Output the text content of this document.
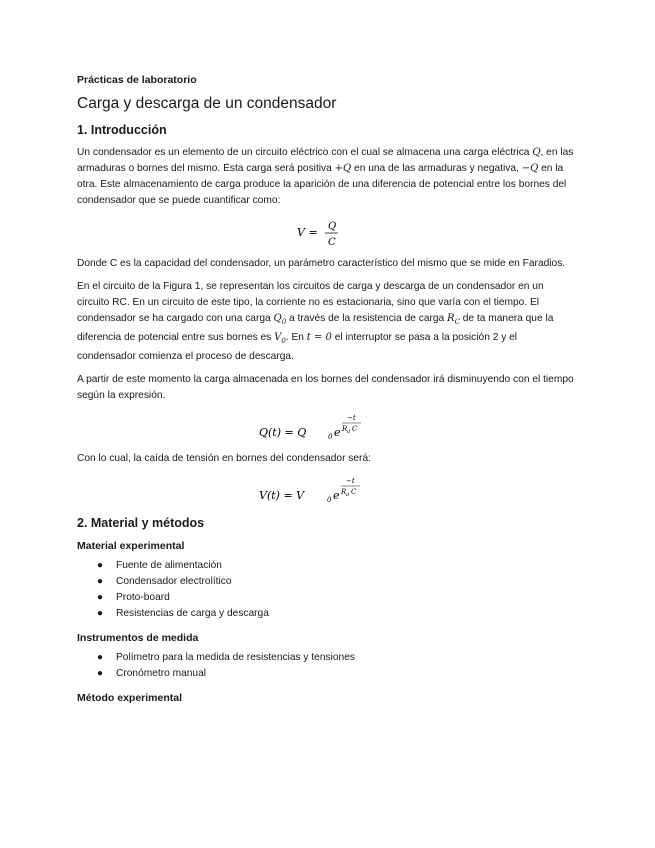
Prácticas de laboratorio
Carga y descarga de un condensador
1. Introducción

Un condensador es un elemento de un circuito eléctrico con el cual se almacena una carga eléctrica Q, en las armaduras o bornes del mismo. Esta carga será positiva +Q en una de las armaduras y negativa, −Q en la otra. Este almacenamiento de carga produce la aparición de una diferencia de potencial entre los bornes del condensador que se puede cuantificar como:

V = Q
C

Donde C es la capacidad del condensador, un parámetro característico del mismo que se mide en Faradios.

En el circuito de la Figura 1, se representan los circuitos de carga y descarga de un condensador en un circuito RC. En un circuito de este tipo, la corriente no es estacionaria, sino que varía con el tiempo. El condensador se ha cargado con una carga $Q_0$ a través de la resistencia de carga $R_C$ de ta manera que la diferencia de potencial entre sus bornes es $V_0$. En t = 0 el interruptor se pasa a la posición 2 y el condensador comienza el proceso de descarga.

A partir de este momento la carga almacenada en los bornes del condensador irá disminuyendo con el tiempo según la expresión.

Q(t) = Q	0 e
−t
R d C

Con lo cual, la caída de tensión en bornes del condensador será:

V(t) = V	0 e
−t
R d C
2. Material y métodos
Material experimental
● Fuente de alimentación
● Condensador electrolítico
● Proto-board
● Resistencias de carga y descarga
Instrumentos de medida
● Polímetro para la medida de resistencias y tensiones
● Cronómetro manual
Método experimental
